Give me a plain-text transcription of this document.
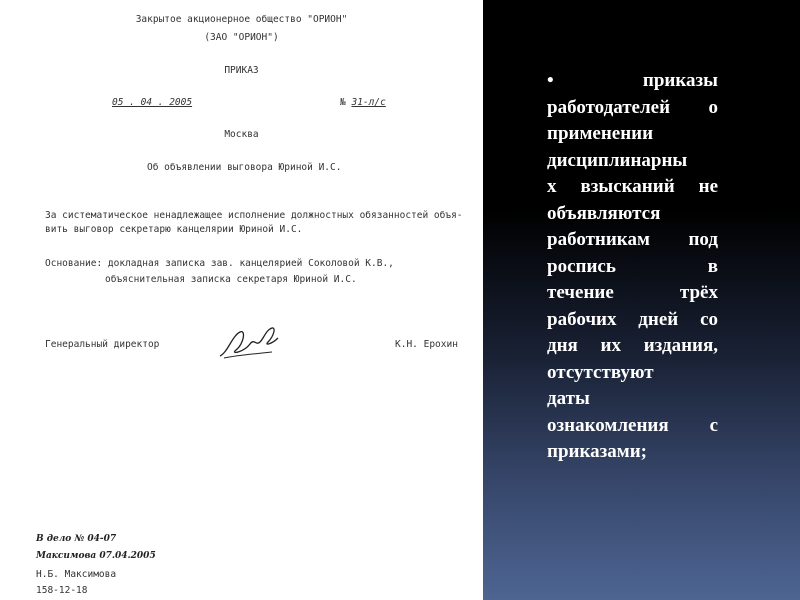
Закрытое акционерное общество "ОРИОН"
(ЗАО "ОРИОН")
ПРИКАЗ
05 . 04 . 2005	№ 31-л/с
Москва
Об объявлении выговора Юриной И.С.
За систематическое ненадлежащее исполнение должностных обязанностей объя-
вить выговор секретарю канцелярии Юриной И.С.
Основание: докладная записка зав. канцелярией Соколовой К.В.,
объяснительная записка секретаря Юриной И.С.
Генеральный директор	К.Н. Ерохин
В дело № 04-07
Максимова 07.04.2005
Н.Б. Максимова
158-12-18

•	приказы
работодателей о
применении
дисциплинарны
х взысканий не
объявляются
работникам под
роспись в
течение трёх
рабочих дней со
дня их издания,
отсутствуют
даты
ознакомления с
приказами;
